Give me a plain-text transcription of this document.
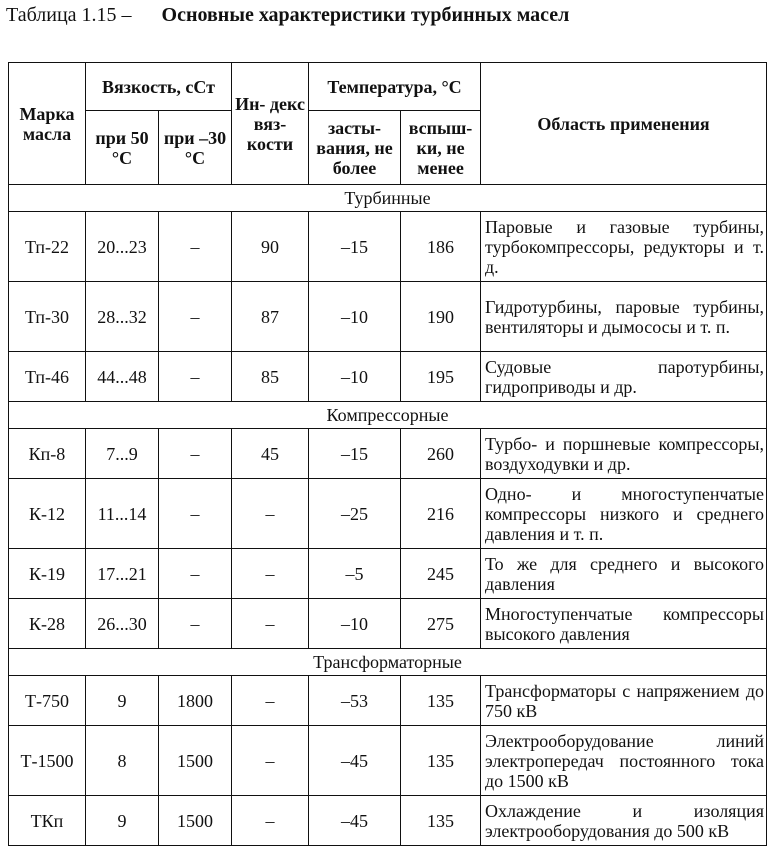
Таблица 1.15 – Основные характеристики турбинных масел
Марка масла	Вязкость, сСт		Ин- декс вяз- кости	Температура, °С		Область применения
	при 50 °С	при –30 °С		засты- вания, не более	вспыш- ки, не менее	
Турбинные						
Тп-22	20...23	–	90	–15	186	Паровые и газовые турбины, турбокомпрессоры, редукторы и т. д.
Тп-30	28...32	–	87	–10	190	Гидротурбины, паровые турбины, вентиляторы и дымососы и т. п.
Тп-46	44...48	–	85	–10	195	Судовые паротурбины, гидроприводы и др.
Компрессорные						
Кп-8	7...9	–	45	–15	260	Турбо- и поршневые компрессоры, воздуходувки и др.
К-12	11...14	–	–	–25	216	Одно- и многоступенчатые компрессоры низкого и среднего давления и т. п.
К-19	17...21	–	–	–5	245	То же для среднего и высокого давления
К-28	26...30	–	–	–10	275	Многоступенчатые компрессоры высокого давления
Трансформаторные						
Т-750	9	1800	–	–53	135	Трансформаторы с напряжением до 750 кВ
Т-1500	8	1500	–	–45	135	Электрооборудование линий электропередач постоянного тока до 1500 кВ
ТКп	9	1500	–	–45	135	Охлаждение и изоляция электрооборудования до 500 кВ
